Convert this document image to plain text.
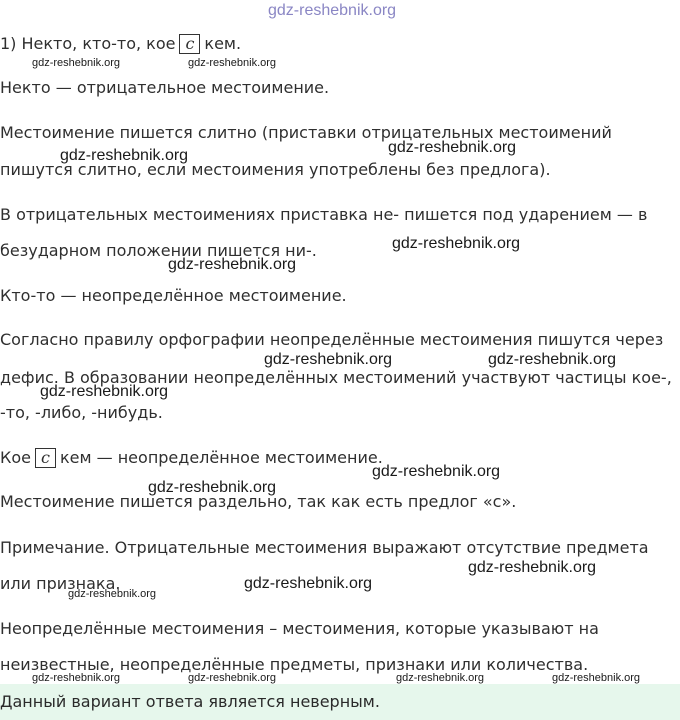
gdz-reshebnik.org
1) Некто, кто-то, кое с кем.
gdz-reshebnik.org	gdz-reshebnik.org
Некто — отрицательное местоимение.
Местоимение пишется слитно (приставки отрицательных местоимений
gdz-reshebnik.org
gdz-reshebnik.org
пишутся слитно, если местоимения употреблены без предлога).
В отрицательных местоимениях приставка не- пишется под ударением — в
gdz-reshebnik.org
безударном положении пишется ни-.
gdz-reshebnik.org
Кто-то — неопределённое местоимение.
Согласно правилу орфографии неопределённые местоимения пишутся через
gdz-reshebnik.org	gdz-reshebnik.org
дефис. В образовании неопределённых местоимений участвуют частицы кое-,
gdz-reshebnik.org
-то, -либо, -нибудь.
Кое с кем — неопределённое местоимение.
gdz-reshebnik.org
gdz-reshebnik.org
Местоимение пишется раздельно, так как есть предлог «с».
Примечание. Отрицательные местоимения выражают отсутствие предмета
gdz-reshebnik.org
или признака.	gdz-reshebnik.org
gdz-reshebnik.org
Неопределённые местоимения – местоимения, которые указывают на
неизвестные, неопределённые предметы, признаки или количества.
Данный вариант ответа является неверным.
gdz-reshebnik.org	gdz-reshebnik.org	gdz-reshebnik.org	gdz-reshebnik.org
